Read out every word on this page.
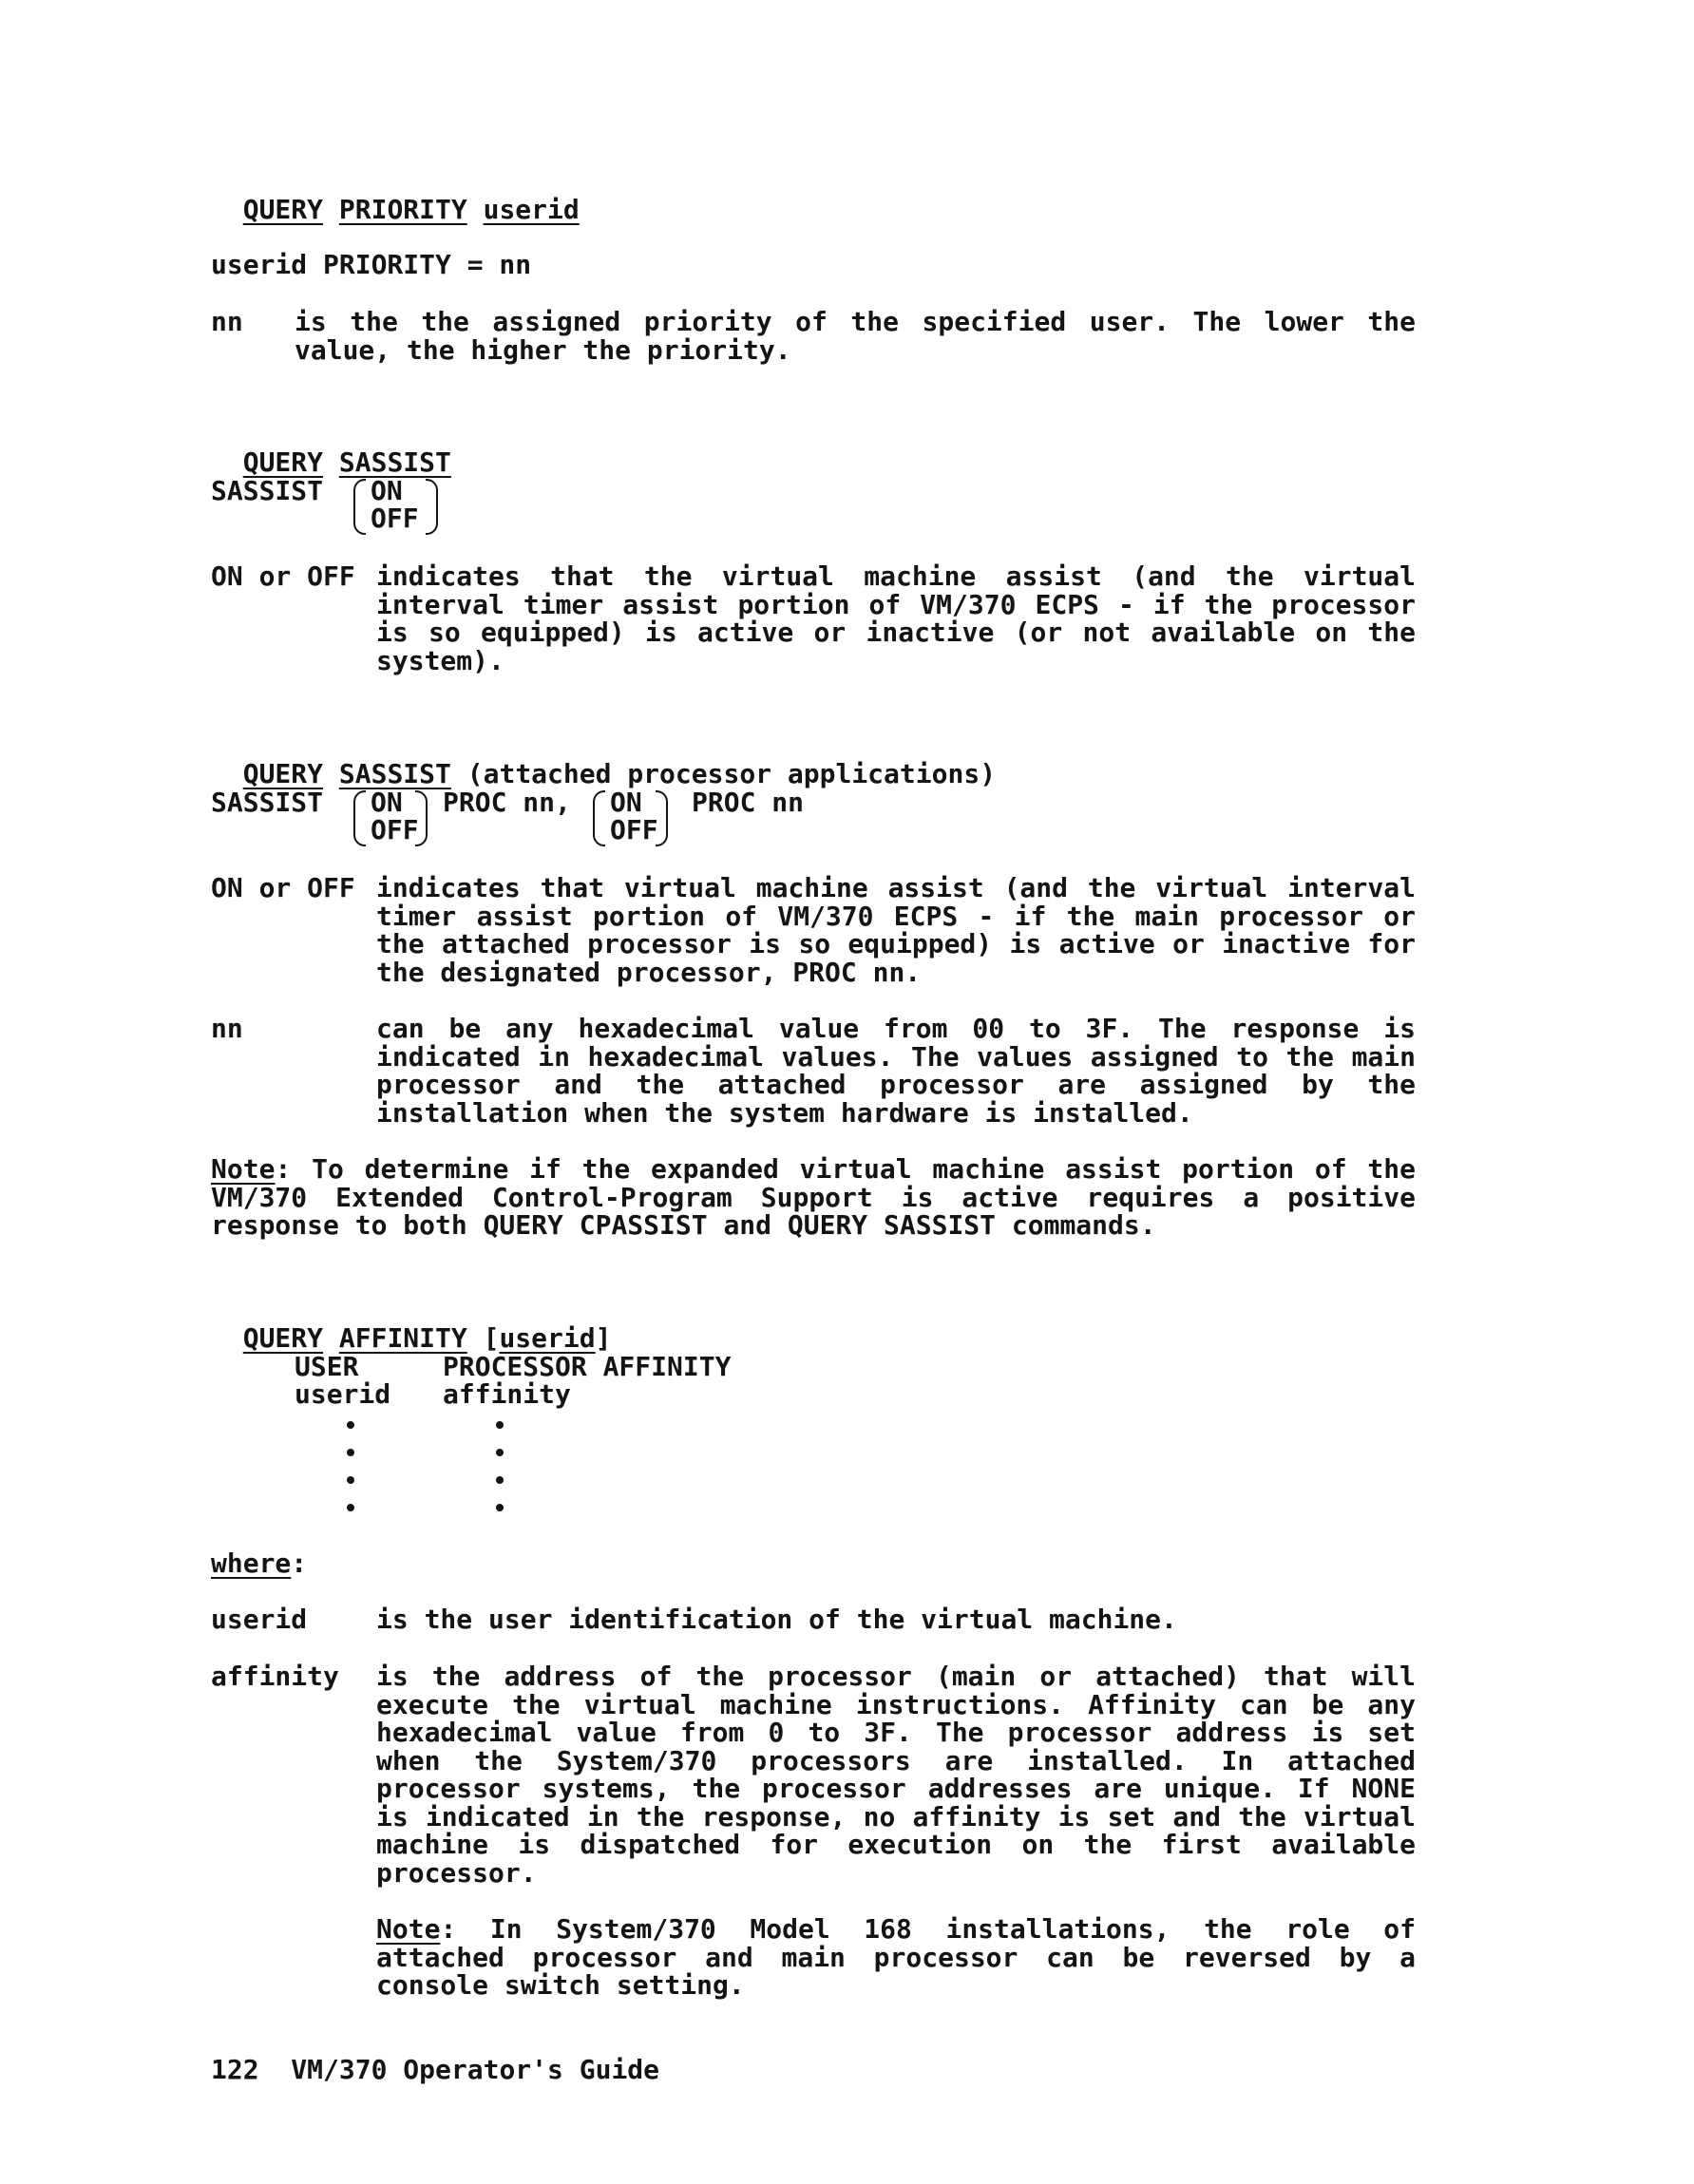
QUERY PRIORITY userid

userid PRIORITY = nn
nn is the the assigned priority of the specified user. The lower the value, the higher the priority.

QUERY SASSIST

SASSIST ON
OFF
ON or OFF indicates that the virtual machine assist (and the virtual interval timer assist portion of VM/370 ECPS - if the processor is so equipped) is active or inactive (or not available on the system).

QUERY SASSIST (attached processor applications)

SASSIST ON
OFF
PROC nn, ON
OFF
PROC nn
ON or OFF indicates that virtual machine assist (and the virtual interval timer assist portion of VM/370 ECPS - if the main processor or the attached processor is so equipped) is active or inactive for the designated processor, PROC nn.
nn	can be any hexadecimal value from 00 to 3F. The response is indicated in hexadecimal values. The values assigned to the main processor and the attached processor are assigned by the installation when the system hardware is installed.
Note: To determine if the expanded virtual machine assist portion of the VM/370 Extended Control-Program Support is active requires a positive response to both QUERY CPASSIST and QUERY SASSIST commands.

QUERY AFFINITY [userid]

USER	PROCESSOR AFFINITY
userid affinity
where:
userid	is the user identification of the virtual machine.
affinity is the address of the processor (main or attached) that will execute the virtual machine instructions. Affinity can be any hexadecimal value from 0 to 3F. The processor address is set when the System/370 processors are installed. In attached processor systems, the processor addresses are unique. If NONE is indicated in the response, no affinity is set and the virtual machine is dispatched for execution on the first available processor.
Note: In System/370 Model 168 installations, the role of attached processor and main processor can be reversed by a console switch setting.
122 VM/370 Operator's Guide
